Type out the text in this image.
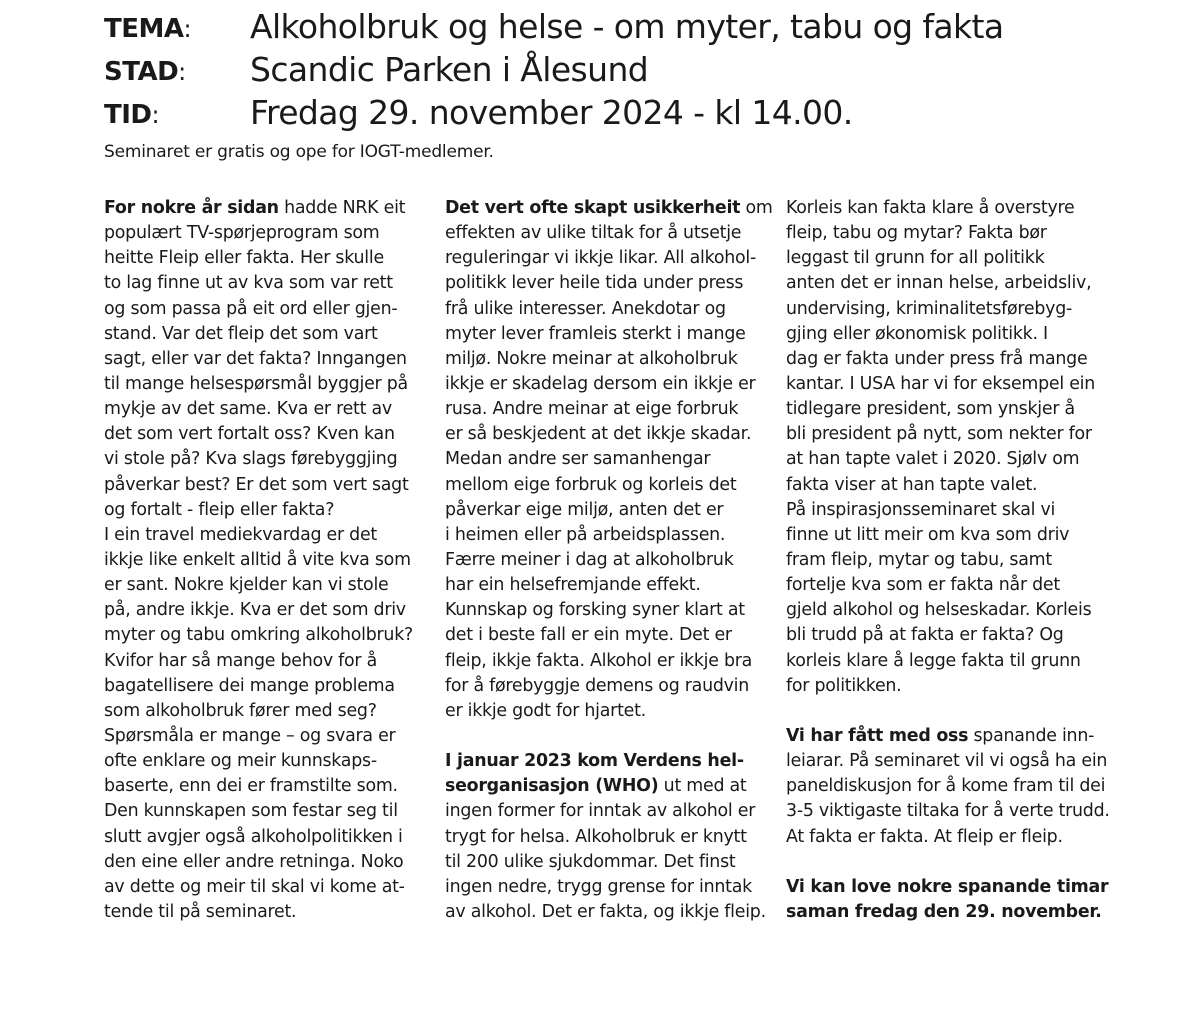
TEMA: Alkoholbruk og helse - om myter, tabu og fakta
STAD: Scandic Parken i Ålesund
TID:	Fredag 29. november 2024 - kl 14.00.
Seminaret er gratis og ope for IOGT-medlemer.
For nokre år sidan hadde NRK eit
populært TV-spørjeprogram som
heitte Fleip eller fakta. Her skulle
to lag finne ut av kva som var rett
og som passa på eit ord eller gjen-
stand. Var det fleip det som vart
sagt, eller var det fakta? Inngangen
til mange helsespørsmål byggjer på
mykje av det same. Kva er rett av
det som vert fortalt oss? Kven kan
vi stole på? Kva slags førebyggjing
påverkar best? Er det som vert sagt
og fortalt - fleip eller fakta?
I ein travel mediekvardag er det
ikkje like enkelt alltid å vite kva som
er sant. Nokre kjelder kan vi stole
på, andre ikkje. Kva er det som driv
myter og tabu omkring alkoholbruk?
Kvifor har så mange behov for å
bagatellisere dei mange problema
som alkoholbruk fører med seg?
Spørsmåla er mange – og svara er
ofte enklare og meir kunnskaps-
baserte, enn dei er framstilte som.
Den kunnskapen som festar seg til
slutt avgjer også alkoholpolitikken i
den eine eller andre retninga. Noko
av dette og meir til skal vi kome at-
tende til på seminaret.
Det vert ofte skapt usikkerheit om
effekten av ulike tiltak for å utsetje
reguleringar vi ikkje likar. All alkohol-
politikk lever heile tida under press
frå ulike interesser. Anekdotar og
myter lever framleis sterkt i mange
miljø. Nokre meinar at alkoholbruk
ikkje er skadelag dersom ein ikkje er
rusa. Andre meinar at eige forbruk
er så beskjedent at det ikkje skadar.
Medan andre ser samanhengar
mellom eige forbruk og korleis det
påverkar eige miljø, anten det er
i heimen eller på arbeidsplassen.
Færre meiner i dag at alkoholbruk
har ein helsefremjande effekt.
Kunnskap og forsking syner klart at
det i beste fall er ein myte. Det er
fleip, ikkje fakta. Alkohol er ikkje bra
for å førebyggje demens og raudvin
er ikkje godt for hjartet.
I januar 2023 kom Verdens hel-
seorganisasjon (WHO) ut med at
ingen former for inntak av alkohol er
trygt for helsa. Alkoholbruk er knytt
til 200 ulike sjukdommar. Det finst
ingen nedre, trygg grense for inntak
av alkohol. Det er fakta, og ikkje fleip.
Korleis kan fakta klare å overstyre
fleip, tabu og mytar? Fakta bør
leggast til grunn for all politikk
anten det er innan helse, arbeidsliv,
undervising, kriminalitetsførebyg-
gjing eller økonomisk politikk. I
dag er fakta under press frå mange
kantar. I USA har vi for eksempel ein
tidlegare president, som ynskjer å
bli president på nytt, som nekter for
at han tapte valet i 2020. Sjølv om
fakta viser at han tapte valet.
På inspirasjonsseminaret skal vi
finne ut litt meir om kva som driv
fram fleip, mytar og tabu, samt
fortelje kva som er fakta når det
gjeld alkohol og helseskadar. Korleis
bli trudd på at fakta er fakta? Og
korleis klare å legge fakta til grunn
for politikken.
Vi har fått med oss spanande inn-
leiarar. På seminaret vil vi også ha ein
paneldiskusjon for å kome fram til dei
3-5 viktigaste tiltaka for å verte trudd.
At fakta er fakta. At fleip er fleip.
Vi kan love nokre spanande timar
saman fredag den 29. november.
